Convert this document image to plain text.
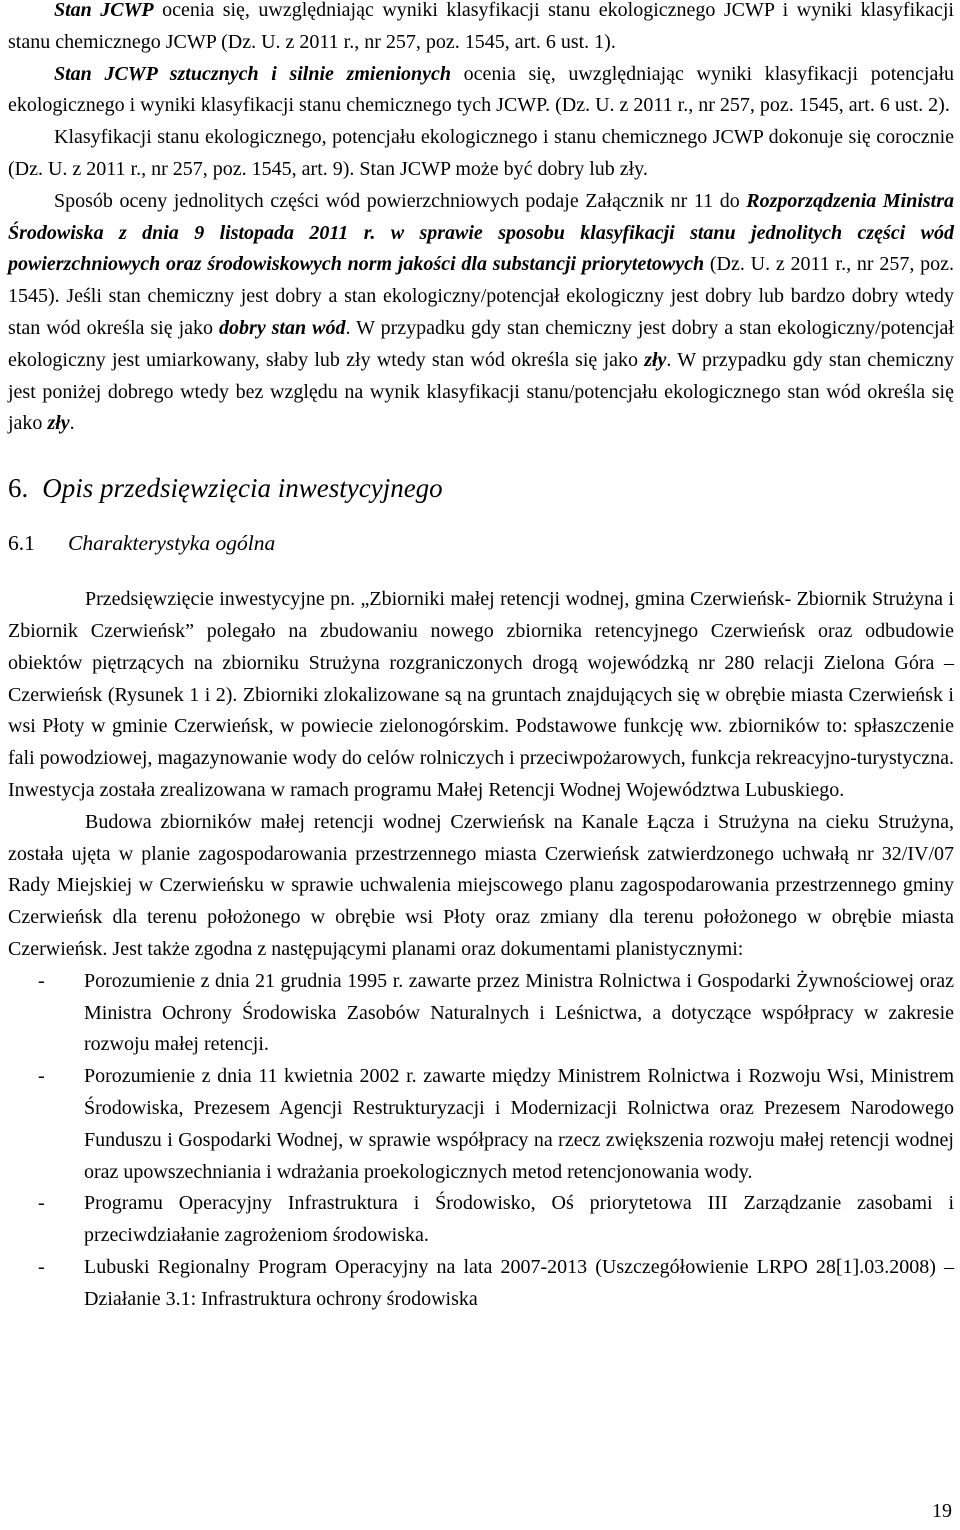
Stan JCWP ocenia się, uwzględniając wyniki klasyfikacji stanu ekologicznego JCWP i wyniki klasyfikacji stanu chemicznego JCWP (Dz. U. z 2011 r., nr 257, poz. 1545, art. 6 ust. 1).

Stan JCWP sztucznych i silnie zmienionych ocenia się, uwzględniając wyniki klasyfikacji potencjału ekologicznego i wyniki klasyfikacji stanu chemicznego tych JCWP. (Dz. U. z 2011 r., nr 257, poz. 1545, art. 6 ust. 2).

Klasyfikacji stanu ekologicznego, potencjału ekologicznego i stanu chemicznego JCWP dokonuje się corocznie (Dz. U. z 2011 r., nr 257, poz. 1545, art. 9). Stan JCWP może być dobry lub zły.

Sposób oceny jednolitych części wód powierzchniowych podaje Załącznik nr 11 do Rozporządzenia Ministra Środowiska z dnia 9 listopada 2011 r. w sprawie sposobu klasyfikacji stanu jednolitych części wód powierzchniowych oraz środowiskowych norm jakości dla substancji priorytetowych (Dz. U. z 2011 r., nr 257, poz. 1545). Jeśli stan chemiczny jest dobry a stan ekologiczny/potencjał ekologiczny jest dobry lub bardzo dobry wtedy stan wód określa się jako dobry stan wód. W przypadku gdy stan chemiczny jest dobry a stan ekologiczny/potencjał ekologiczny jest umiarkowany, słaby lub zły wtedy stan wód określa się jako zły. W przypadku gdy stan chemiczny jest poniżej dobrego wtedy bez względu na wynik klasyfikacji stanu/potencjału ekologicznego stan wód określa się jako zły.

6. Opis przedsięwzięcia inwestycyjnego
6.1 Charakterystyka ogólna

Przedsięwzięcie inwestycyjne pn. „Zbiorniki małej retencji wodnej, gmina Czerwieńsk- Zbiornik Strużyna i Zbiornik Czerwieńsk” polegało na zbudowaniu nowego zbiornika retencyjnego Czerwieńsk oraz odbudowie obiektów piętrzących na zbiorniku Strużyna rozgraniczonych drogą wojewódzką nr 280 relacji Zielona Góra – Czerwieńsk (Rysunek 1 i 2). Zbiorniki zlokalizowane są na gruntach znajdujących się w obrębie miasta Czerwieńsk i wsi Płoty w gminie Czerwieńsk, w powiecie zielonogórskim. Podstawowe funkcję ww. zbiorników to: spłaszczenie fali powodziowej, magazynowanie wody do celów rolniczych i przeciwpożarowych, funkcja rekreacyjno-turystyczna. Inwestycja została zrealizowana w ramach programu Małej Retencji Wodnej Województwa Lubuskiego.

Budowa zbiorników małej retencji wodnej Czerwieńsk na Kanale Łącza i Strużyna na cieku Strużyna, została ujęta w planie zagospodarowania przestrzennego miasta Czerwieńsk zatwierdzonego uchwałą nr 32/IV/07 Rady Miejskiej w Czerwieńsku w sprawie uchwalenia miejscowego planu zagospodarowania przestrzennego gminy Czerwieńsk dla terenu położonego w obrębie wsi Płoty oraz zmiany dla terenu położonego w obrębie miasta Czerwieńsk. Jest także zgodna z następującymi planami oraz dokumentami planistycznymi:

- Porozumienie z dnia 21 grudnia 1995 r. zawarte przez Ministra Rolnictwa i Gospodarki Żywnościowej oraz Ministra Ochrony Środowiska Zasobów Naturalnych i Leśnictwa, a dotyczące współpracy w zakresie rozwoju małej retencji.
- Porozumienie z dnia 11 kwietnia 2002 r. zawarte między Ministrem Rolnictwa i Rozwoju Wsi, Ministrem Środowiska, Prezesem Agencji Restrukturyzacji i Modernizacji Rolnictwa oraz Prezesem Narodowego Funduszu i Gospodarki Wodnej, w sprawie współpracy na rzecz zwiększenia rozwoju małej retencji wodnej oraz upowszechniania i wdrażania proekologicznych metod retencjonowania wody.
- Programu Operacyjny Infrastruktura i Środowisko, Oś priorytetowa III Zarządzanie zasobami i przeciwdziałanie zagrożeniom środowiska.
- Lubuski Regionalny Program Operacyjny na lata 2007-2013 (Uszczegółowienie LRPO 28[1].03.2008) – Działanie 3.1: Infrastruktura ochrony środowiska
19
